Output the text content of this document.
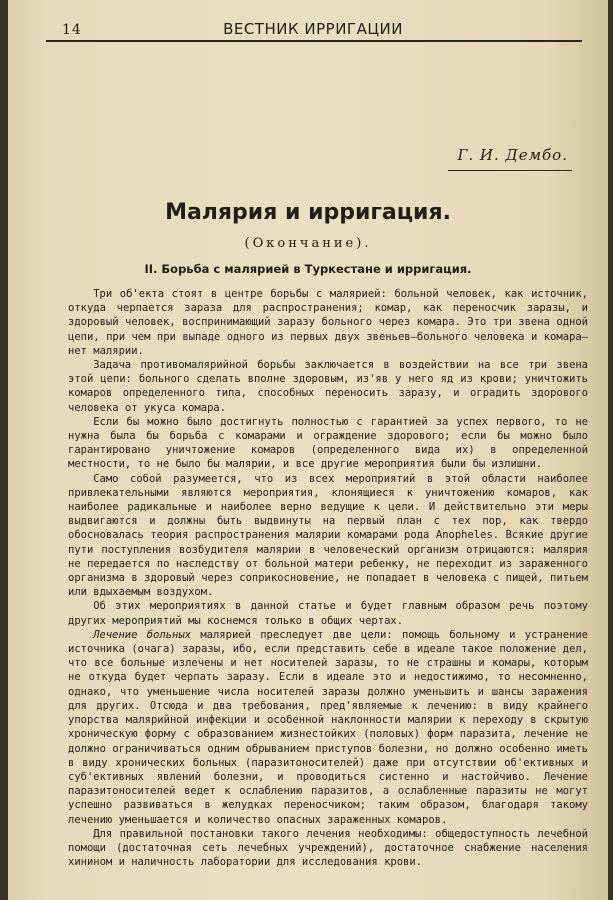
14	ВЕСТНИК ИРРИГАЦИИ
Г. И. Дембо.
Малярия и ирригация.
(Окончание).
II. Борьба с малярией в Туркестане и ирригация.

Три об'екта стоят в центре борьбы с малярией: больной человек, как источник, откуда черпается зараза для распространения; комар, как переносчик заразы, и здоровый человек, воспринимающий заразу больного через комара. Это три звена одной цепи, при чем при выпаде одного из первых двух звеньев—больного человека и комара—нет малярии.

Задача противомалярийной борьбы заключается в воздействии на все три звена этой цепи: больного сделать вполне здоровым, из'яв у него яд из крови; уничтожить комаров определенного типа, способных переносить заразу, и оградить здорового человека от укуса комара.

Если бы можно было достигнуть полностью с гарантией за успех первого, то не нужна была бы борьба с комарами и ограждение здорового; если бы можно было гарантировано уничтожение комаров (определенного вида их) в определенной местности, то не было бы малярии, и все другие мероприятия были бы излишни.

Само собой разумеется, что из всех мероприятий в этой области наиболее привлекательными являются мероприятия, клонящиеся к уничтожению комаров, как наиболее радикальные и наиболее верно ведущие к цели. И действительно эти меры выдвигаются и должны быть выдвинуты на первый план с тех пор, как твердо обосновалась теория распространения малярии комарами рода Anopheles. Всякие другие пути поступления возбудителя малярии в человеческий организм отрицаются: малярия не передается по наследству от больной матери ребенку, не переходит из зараженного организма в здоровый через соприкосновение, не попадает в человека с пищей, питьем или вдыхаемым воздухом.

Об этих мероприятиях в данной статье и будет главным образом речь поэтому других мероприятий мы коснемся только в общих чертах.

Лечение больных малярией преследует две цели: помощь больному и устранение источника (очага) заразы, ибо, если представить себе в идеале такое положение дел, что все больные излечены и нет носителей заразы, то не страшны и комары, которым не откуда будет черпать заразу. Если в идеале это и недостижимо, то несомненно, однако, что уменьшение числа носителей заразы должно уменьшить и шансы заражения для других. Отсюда и два требования, пред'являемые к лечению: в виду крайнего упорства малярийной инфекции и особенной наклонности малярии к переходу в скрытую хроническую форму с образованием жизнестойких (половых) форм паразита, лечение не должно ограничиваться одним обрыванием приступов болезни, но должно особенно иметь в виду хронических больных (паразитоносителей) даже при отсутствии об'ективных и суб'ективных явлений болезни, и проводиться систенно и настойчиво. Лечение паразитоносителей ведет к ослаблению паразитов, а ослабленные паразиты не могут успешно развиваться в желудках переносчиком; таким образом, благодаря такому лечению уменьшается и количество опасных зараженных комаров.

Для правильной постановки такого лечения необходимы: общедоступность лечебной помощи (достаточная сеть лечебных учреждений), достаточное снабжение населения хинином и наличность лаборатории для исследования крови.
